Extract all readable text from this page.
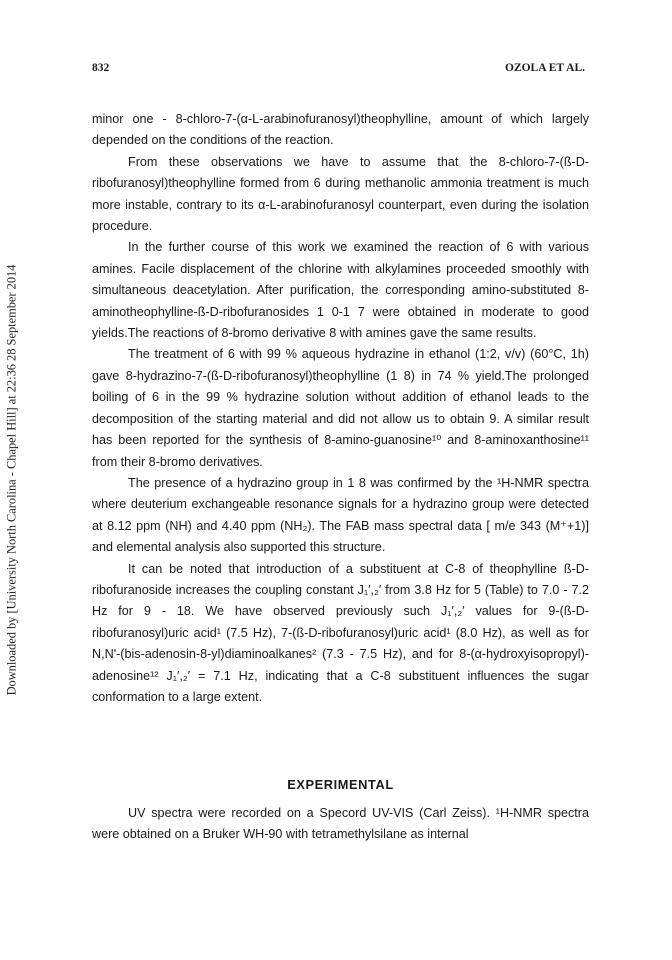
Downloaded by [University North Carolina - Chapel Hill] at 22:36 28 September 2014
832	OZOLA ET AL.

minor one - 8-chloro-7-(α-L-arabinofuranosyl)theophylline, amount of which largely depended on the conditions of the reaction.

From these observations we have to assume that the 8-chloro-7-(ß-D-ribofuranosyl)theophylline formed from 6 during methanolic ammonia treatment is much more instable, contrary to its α-L-arabinofuranosyl counterpart, even during the isolation procedure.

In the further course of this work we examined the reaction of 6 with various amines. Facile displacement of the chlorine with alkylamines proceeded smoothly with simultaneous deacetylation. After purification, the corresponding amino-substituted 8-aminotheophylline-ß-D-ribofuranosides 1 0-1 7 were obtained in moderate to good yields.The reactions of 8-bromo derivative 8 with amines gave the same results.

The treatment of 6 with 99 % aqueous hydrazine in ethanol (1:2, v/v) (60°C, 1h) gave 8-hydrazino-7-(ß-D-ribofuranosyl)theophylline (1 8) in 74 % yield.The prolonged boiling of 6 in the 99 % hydrazine solution without addition of ethanol leads to the decomposition of the starting material and did not allow us to obtain 9. A similar result has been reported for the synthesis of 8-amino-guanosine¹⁰ and 8-aminoxanthosine¹¹ from their 8-bromo derivatives.

The presence of a hydrazino group in 1 8 was confirmed by the ¹H-NMR spectra where deuterium exchangeable resonance signals for a hydrazino group were detected at 8.12 ppm (NH) and 4.40 ppm (NH₂). The FAB mass spectral data [ m/e 343 (M⁺+1)] and elemental analysis also supported this structure.

It can be noted that introduction of a substituent at C-8 of theophylline ß-D-ribofuranoside increases the coupling constant J₁′,₂′ from 3.8 Hz for 5 (Table) to 7.0 - 7.2 Hz for 9 - 18. We have observed previously such J₁′,₂′ values for 9-(ß-D-ribofuranosyl)uric acid¹ (7.5 Hz), 7-(ß-D-ribofuranosyl)uric acid¹ (8.0 Hz), as well as for N,N'-(bis-adenosin-8-yl)diaminoalkanes² (7.3 - 7.5 Hz), and for 8-(α-hydroxyisopropyl)-adenosine¹² J₁′,₂′ = 7.1 Hz, indicating that a C-8 substituent influences the sugar conformation to a large extent.

EXPERIMENTAL

UV spectra were recorded on a Specord UV-VIS (Carl Zeiss). ¹H-NMR spectra were obtained on a Bruker WH-90 with tetramethylsilane as internal
